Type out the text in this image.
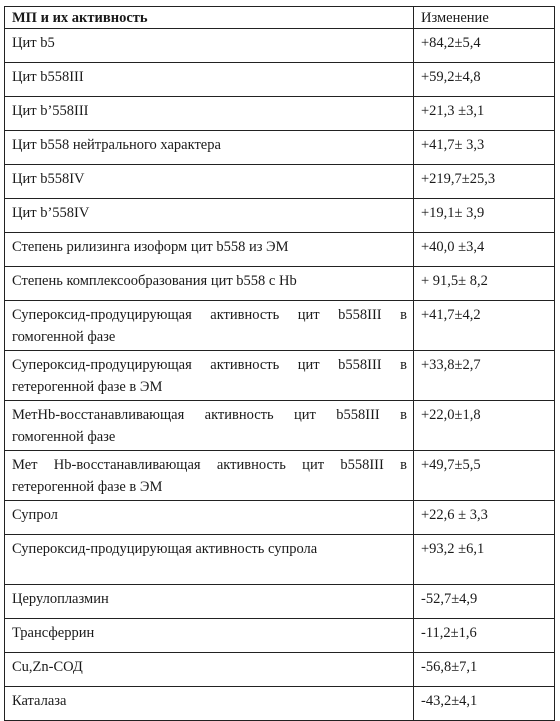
МП и их активность	Изменение
Цит b5	+84,2±5,4
Цит b558III	+59,2±4,8
Цит b’558III	+21,3 ±3,1
Цит b558 нейтрального характера	+41,7± 3,3
Цит b558IV	+219,7±25,3
Цит b’558IV	+19,1± 3,9
Степень рилизинга изоформ цит b558 из ЭМ	+40,0 ±3,4
Степень комплексообразования цит b558 с Hb	+ 91,5± 8,2
Супероксид-продуцирующая активность цит b558III в гомогенной фазе	+41,7±4,2
Супероксид-продуцирующая активность цит b558III в гетерогенной фазе в ЭМ	+33,8±2,7
МетHb-восстанавливающая активность цит b558III в гомогенной фазе	+22,0±1,8
Мет Hb-восстанавливающая активность цит b558III в гетерогенной фазе в ЭМ	+49,7±5,5
Супрол	+22,6 ± 3,3
Супероксид-продуцирующая активность супрола	+93,2 ±6,1
Церулоплазмин	-52,7±4,9
Трансферрин	-11,2±1,6
Cu,Zn-СОД	-56,8±7,1
Каталаза	-43,2±4,1
